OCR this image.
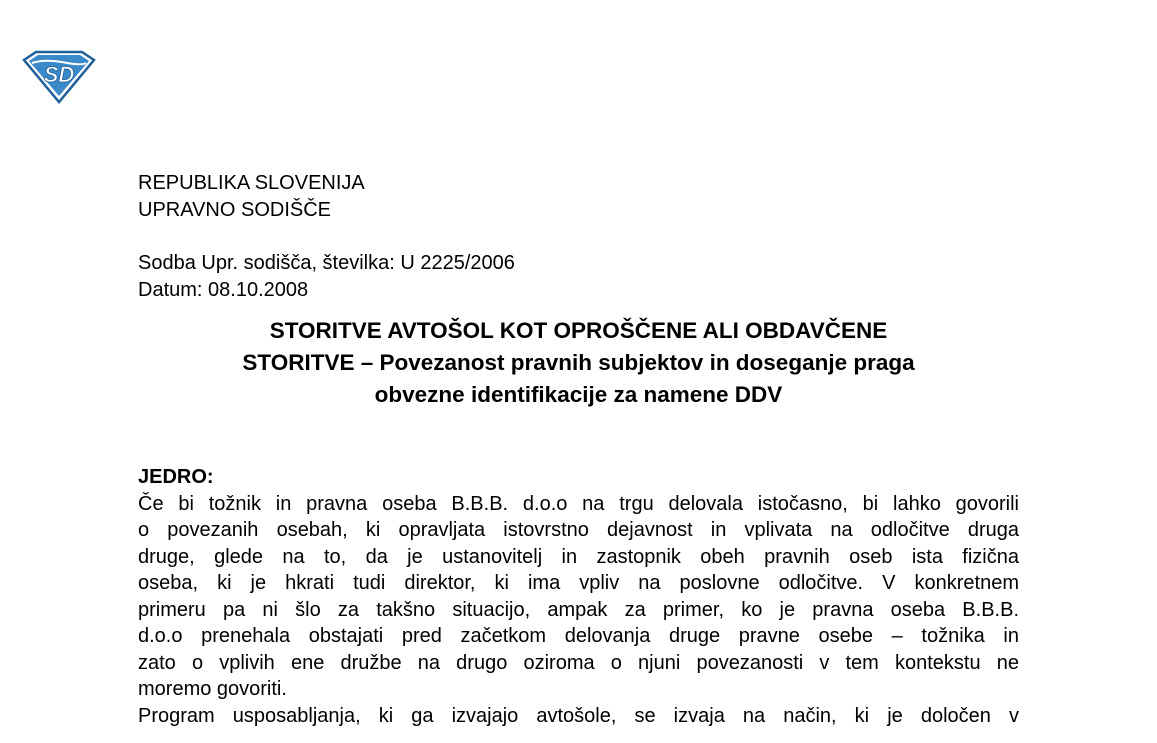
SD
REPUBLIKA SLOVENIJA
UPRAVNO SODIŠČE
Sodba Upr. sodišča, številka: U 2225/2006
Datum: 08.10.2008
STORITVE AVTOŠOL KOT OPROŠČENE ALI OBDAVČENE
STORITVE – Povezanost pravnih subjektov in doseganje praga
obvezne identifikacije za namene DDV
JEDRO:
Če bi tožnik in pravna oseba B.B.B. d.o.o na trgu delovala istočasno, bi lahko govorili
o povezanih osebah, ki opravljata istovrstno dejavnost in vplivata na odločitve druga
druge, glede na to, da je ustanovitelj in zastopnik obeh pravnih oseb ista fizična
oseba, ki je hkrati tudi direktor, ki ima vpliv na poslovne odločitve. V konkretnem
primeru pa ni šlo za takšno situacijo, ampak za primer, ko je pravna oseba B.B.B.
d.o.o prenehala obstajati pred začetkom delovanja druge pravne osebe – tožnika in
zato o vplivih ene družbe na drugo oziroma o njuni povezanosti v tem kontekstu ne
moremo govoriti.
Program usposabljanja, ki ga izvajajo avtošole, se izvaja na način, ki je določen v
